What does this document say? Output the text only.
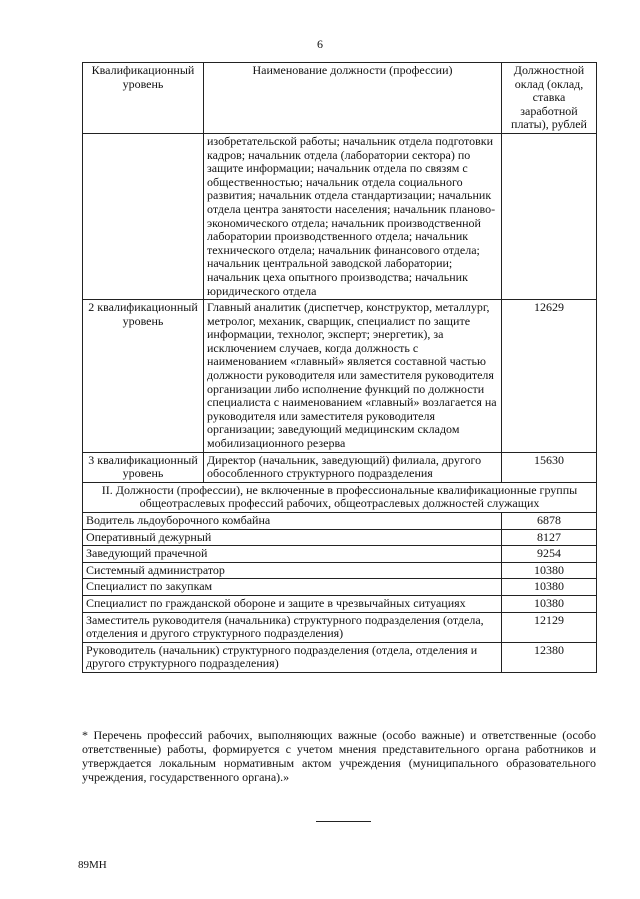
6
Квалификационный уровень	Наименование должности (профессии)	Должностной оклад (оклад, ставка заработной платы), рублей
	изобретательской работы; начальник отдела подготовки кадров; начальник отдела (лаборатории сектора) по защите информации; начальник отдела по связям с общественностью; начальник отдела социального развития; начальник отдела стандартизации; начальник отдела центра занятости населения; начальник планово-экономического отдела; начальник производственной лаборатории производственного отдела; начальник технического отдела; начальник финансового отдела; начальник центральной заводской лаборатории; начальник цеха опытного производства; начальник юридического отдела	
2 квалификационный уровень	Главный аналитик (диспетчер, конструктор, металлург, метролог, механик, сварщик, специалист по защите информации, технолог, эксперт; энергетик), за исключением случаев, когда должность с наименованием «главный» является составной частью должности руководителя или заместителя руководителя организации либо исполнение функций по должности специалиста с наименованием «главный» возлагается на руководителя или заместителя руководителя организации; заведующий медицинским складом мобилизационного резерва	12629
3 квалификационный уровень	Директор (начальник, заведующий) филиала, другого обособленного структурного подразделения	15630
II. Должности (профессии), не включенные в профессиональные квалификационные группы общеотраслевых профессий рабочих, общеотраслевых должностей служащих		
Водитель льдоуборочного комбайна		6878
Оперативный дежурный		8127
Заведующий прачечной		9254
Системный администратор		10380
Специалист по закупкам		10380
Специалист по гражданской обороне и защите в чрезвычайных ситуациях		10380
Заместитель руководителя (начальника) структурного подразделения (отдела, отделения и другого структурного подразделения)		12129
Руководитель (начальник) структурного подразделения (отдела, отделения и другого структурного подразделения)		12380
* Перечень профессий рабочих, выполняющих важные (особо важные) и ответственные (особо ответственные) работы, формируется с учетом мнения представительного органа работников и утверждается локальным нормативным актом учреждения (муниципального образовательного учреждения, государственного органа).»
89МН
